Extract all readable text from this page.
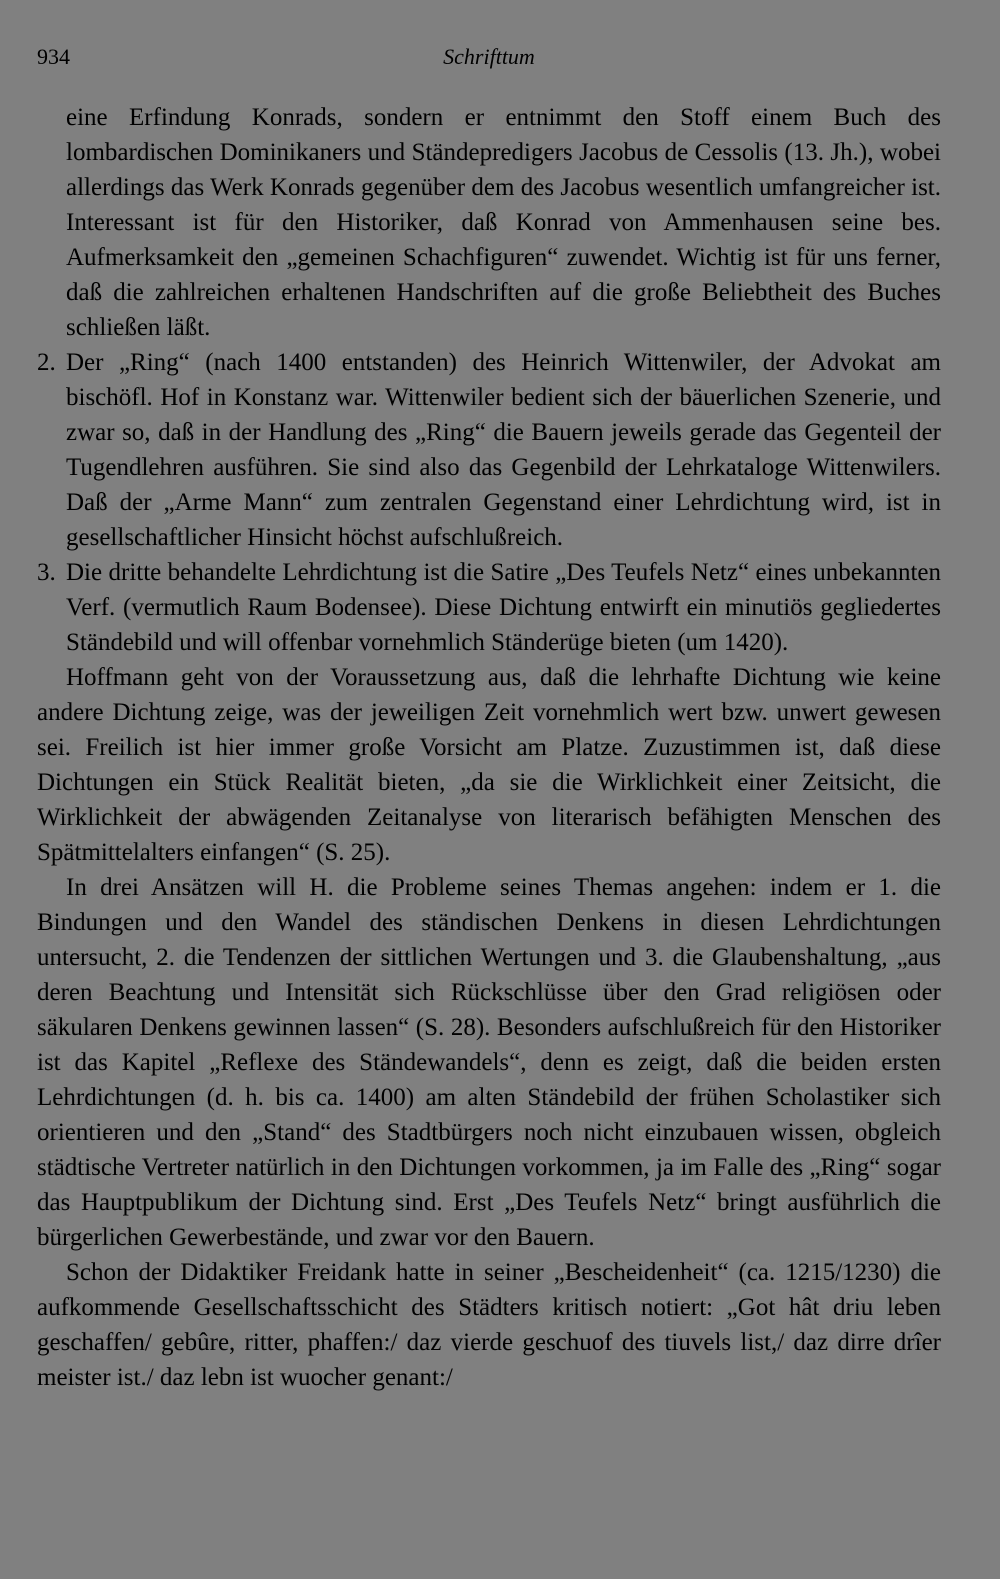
934	Schrifttum

eine Erfindung Konrads, sondern er entnimmt den Stoff einem Buch des lombardischen Dominikaners und Ständepredigers Jacobus de Cessolis (13. Jh.), wobei allerdings das Werk Konrads gegenüber dem des Jacobus wesentlich umfangreicher ist. Interessant ist für den Historiker, daß Konrad von Ammenhausen seine bes. Aufmerksamkeit den „gemeinen Schachfiguren“ zuwendet. Wichtig ist für uns ferner, daß die zahlreichen erhaltenen Handschriften auf die große Beliebtheit des Buches schließen läßt.

2. Der „Ring“ (nach 1400 entstanden) des Heinrich Wittenwiler, der Advokat am bischöfl. Hof in Konstanz war. Wittenwiler bedient sich der bäuerlichen Szenerie, und zwar so, daß in der Handlung des „Ring“ die Bauern jeweils gerade das Gegenteil der Tugendlehren ausführen. Sie sind also das Gegenbild der Lehrkataloge Wittenwilers. Daß der „Arme Mann“ zum zentralen Gegenstand einer Lehrdichtung wird, ist in gesellschaftlicher Hinsicht höchst aufschlußreich.
3. Die dritte behandelte Lehrdichtung ist die Satire „Des Teufels Netz“ eines unbekannten Verf. (vermutlich Raum Bodensee). Diese Dichtung entwirft ein minutiös gegliedertes Ständebild und will offenbar vornehmlich Ständerüge bieten (um 1420).

Hoffmann geht von der Voraussetzung aus, daß die lehrhafte Dichtung wie keine andere Dichtung zeige, was der jeweiligen Zeit vornehmlich wert bzw. unwert gewesen sei. Freilich ist hier immer große Vorsicht am Platze. Zuzustimmen ist, daß diese Dichtungen ein Stück Realität bieten, „da sie die Wirklichkeit einer Zeitsicht, die Wirklichkeit der abwägenden Zeitanalyse von literarisch befähigten Menschen des Spätmittelalters einfangen“ (S. 25).

In drei Ansätzen will H. die Probleme seines Themas angehen: indem er 1. die Bindungen und den Wandel des ständischen Denkens in diesen Lehrdichtungen untersucht, 2. die Tendenzen der sittlichen Wertungen und 3. die Glaubenshaltung, „aus deren Beachtung und Intensität sich Rückschlüsse über den Grad religiösen oder säkularen Denkens gewinnen lassen“ (S. 28). Besonders aufschlußreich für den Historiker ist das Kapitel „Reflexe des Ständewandels“, denn es zeigt, daß die beiden ersten Lehrdichtungen (d. h. bis ca. 1400) am alten Ständebild der frühen Scholastiker sich orientieren und den „Stand“ des Stadtbürgers noch nicht einzubauen wissen, obgleich städtische Vertreter natürlich in den Dichtungen vorkommen, ja im Falle des „Ring“ sogar das Hauptpublikum der Dichtung sind. Erst „Des Teufels Netz“ bringt ausführlich die bürgerlichen Gewerbestände, und zwar vor den Bauern.

Schon der Didaktiker Freidank hatte in seiner „Bescheidenheit“ (ca. 1215/1230) die aufkommende Gesellschaftsschicht des Städters kritisch notiert: „Got hât driu leben geschaffen/ gebûre, ritter, phaffen:/ daz vierde geschuof des tiuvels list,/ daz dirre drîer meister ist./ daz lebn ist wuocher genant:/
